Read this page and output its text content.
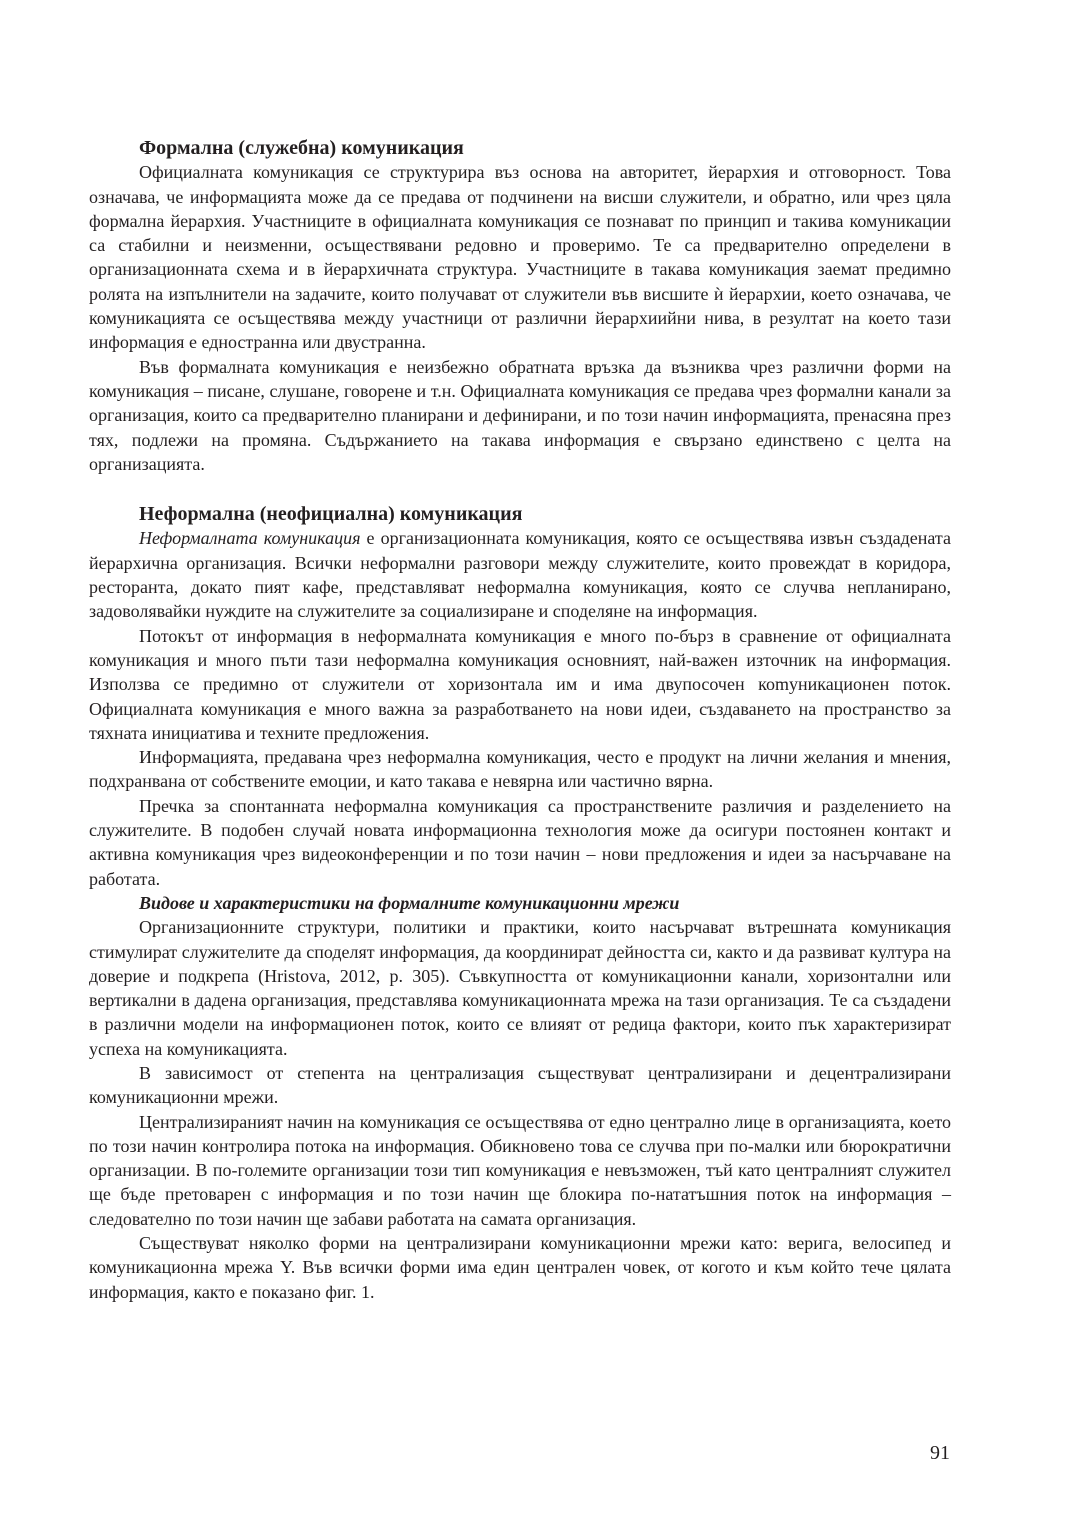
Формална (служебна) комуникация

Официалната комуникация се структурира въз основа на авторитет, йерархия и отговорност. Това означава, че информацията може да се предава от подчинени на висши служители, и обратно, или чрез цяла формална йерархия. Участниците в официалната комуникация се познават по принцип и такива комуникации са стабилни и неизменни, осъществявани редовно и проверимо. Те са предварително определени в организационната схема и в йерархичната структура. Участниците в такава комуникация заемат предимно ролята на изпълнители на задачите, които получават от служители във висшите ѝ йерархии, което означава, че комуникацията се осъществява между участници от различни йерархиийни нива, в резултат на което тази информация е едностранна или двустранна.

Във формалната комуникация е неизбежно обратната връзка да възниква чрез различни форми на комуникация – писане, слушане, говорене и т.н. Официалната комуникация се предава чрез формални канали за организация, които са предварително планирани и дефинирани, и по този начин информацията, пренасяна през тях, подлежи на промяна. Съдържанието на такава информация е свързано единствено с целта на организацията.

Неформална (неофициална) комуникация

Неформалната комуникация е организационната комуникация, която се осъществява извън създадената йерархична организация. Всички неформални разговори между служителите, които провеждат в коридора, ресторанта, докато пият кафе, представляват неформална комуникация, която се случва непланирано, задоволявайки нуждите на служителите за социализиране и споделяне на информация.

Потокът от информация в неформалната комуникация е много по-бърз в сравнение от официалната комуникация и много пъти тази неформална комуникация основният, най-важен източник на информация. Използва се предимно от служители от хоризонтала им и има двупосочен коmуникационен поток. Официалната комуникация е много важна за разработването на нови идеи, създаването на пространство за тяхната инициатива и техните предложения.

Информацията, предавана чрез неформална комуникация, често е продукт на лични желания и мнения, подхранвана от собствените емоции, и като такава е невярна или частично вярна.

Пречка за спонтанната неформална комуникация са пространствените различия и разделението на служителите. В подобен случай новата информационна технология може да осигури постоянен контакт и активна комуникация чрез видеоконференции и по този начин – нови предложения и идеи за насърчаване на работата.

Видове и характеристики на формалните комуникационни мрежи

Организационните структури, политики и практики, които насърчават вътрешната комуникация стимулират служителите да споделят информация, да координират дейността си, както и да развиват култура на доверие и подкрепа (Hristova, 2012, p. 305). Съвкупността от комуникационни канали, хоризонтални или вертикални в дадена организация, представлява комуникационната мрежа на тази организация. Те са създадени в различни модели на информационен поток, които се влияят от редица фактори, които пък характеризират успеха на комуникацията.

В зависимост от степента на централизация съществуват централизирани и децентрализирани комуникационни мрежи.

Централизираният начин на комуникация се осъществява от едно централно лице в организацията, което по този начин контролира потока на информация. Обикновено това се случва при по-малки или бюрократични организации. В по-големите организации този тип комуникация е невъзможен, тъй като централният служител ще бъде претоварен с информация и по този начин ще блокира по-нататъшния поток на информация – следователно по този начин ще забави работата на самата организация.

Съществуват няколко форми на централизирани комуникационни мрежи като: верига, велосипед и комуникационна мрежа Y. Във всички форми има един централен човек, от когото и към който тече цялата информация, както е показано фиг. 1.

91
